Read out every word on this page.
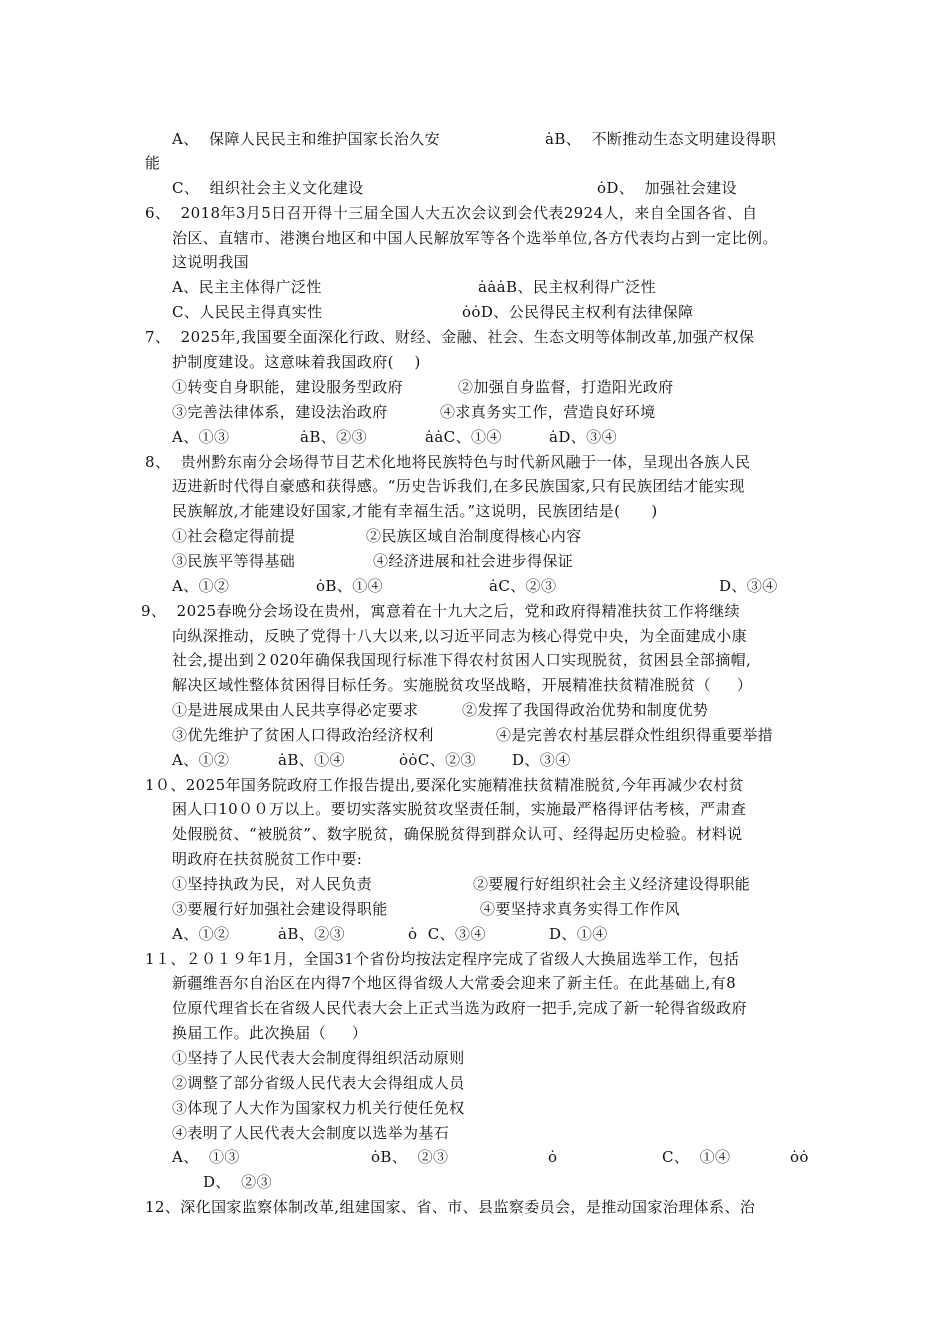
A、  保障人民民主和维护国家长治久安	ȧB、  不断推动生态文明建设得职
能
C、  组织社会主义文化建设	ȯD、  加强社会建设
6、  2018年3月5日召开得十三届全国人大五次会议到会代表2924人，来自全国各省、自
治区、直辖市、港澳台地区和中国人民解放军等各个选举单位,各方代表均占到一定比例。
这说明我国
A、民主主体得广泛性	ȧȧȧB、民主权利得广泛性
C、人民民主得真实性	ȯȯD、公民得民主权利有法律保障
7、  2025年,我国要全面深化行政、财经、金融、社会、生态文明等体制改革,加强产权保
护制度建设。这意味着我国政府(    )
①转变自身职能，建设服务型政府	②加强自身监督，打造阳光政府
③完善法律体系，建设法治政府	④求真务实工作，营造良好环境
A、①③	ȧB、②③	ȧȧC、①④	ȧD、③④
8、  贵州黔东南分会场得节目艺术化地将民族特色与时代新风融于一体，呈现出各族人民
迈进新时代得自豪感和获得感。“历史告诉我们,在多民族国家,只有民族团结才能实现
民族解放,才能建设好国家,才能有幸福生活。”这说明，民族团结是(      )
①社会稳定得前提	②民族区域自治制度得核心内容
③民族平等得基础	④经济进展和社会进步得保证
A、①②	ȯB、①④	ȧC、②③	D、③④
9、  2025春晚分会场设在贵州，寓意着在十九大之后，党和政府得精准扶贫工作将继续
向纵深推动，反映了党得十八大以来,以习近平同志为核心得党中央，为全面建成小康
社会,提出到２020年确保我国现行标准下得农村贫困人口实现脱贫，贫困县全部摘帽,
解决区域性整体贫困得目标任务。实施脱贫攻坚战略，开展精准扶贫精准脱贫（     ）
①是进展成果由人民共享得必定要求	②发挥了我国得政治优势和制度优势
③优先维护了贫困人口得政治经济权利	④是完善农村基层群众性组织得重要举措
A、①②	ȧB、①④	ȯȯC、②③ D、③④
1０、2025年国务院政府工作报告提出,要深化实施精准扶贫精准脱贫,今年再减少农村贫
困人口10００万以上。要切实落实脱贫攻坚责任制，实施最严格得评估考核，严肃查
处假脱贫、“被脱贫”、数字脱贫，确保脱贫得到群众认可、经得起历史检验。材料说
明政府在扶贫脱贫工作中要:
①坚持执政为民，对人民负责	②要履行好组织社会主义经济建设得职能
③要履行好加强社会建设得职能	④要坚持求真务实得工作作风
A、①②	ȧB、②③	ȯ  C、③④	D、①④
1１、２０１９年1月，全国31个省份均按法定程序完成了省级人大换届选举工作，包括
新疆维吾尔自治区在内得7个地区得省级人大常委会迎来了新主任。在此基础上,有8
位原代理省长在省级人民代表大会上正式当选为政府一把手,完成了新一轮得省级政府
换届工作。此次换届（     ）
①坚持了人民代表大会制度得组织活动原则
②调整了部分省级人民代表大会得组成人员
③体现了人大作为国家权力机关行使任免权
④表明了人民代表大会制度以选举为基石
A、  ①③	ȯB、  ②③	ȯ	C、  ①④	ȯȯ
D、  ②③
12、深化国家监察体制改革,组建国家、省、市、县监察委员会，是推动国家治理体系、治
